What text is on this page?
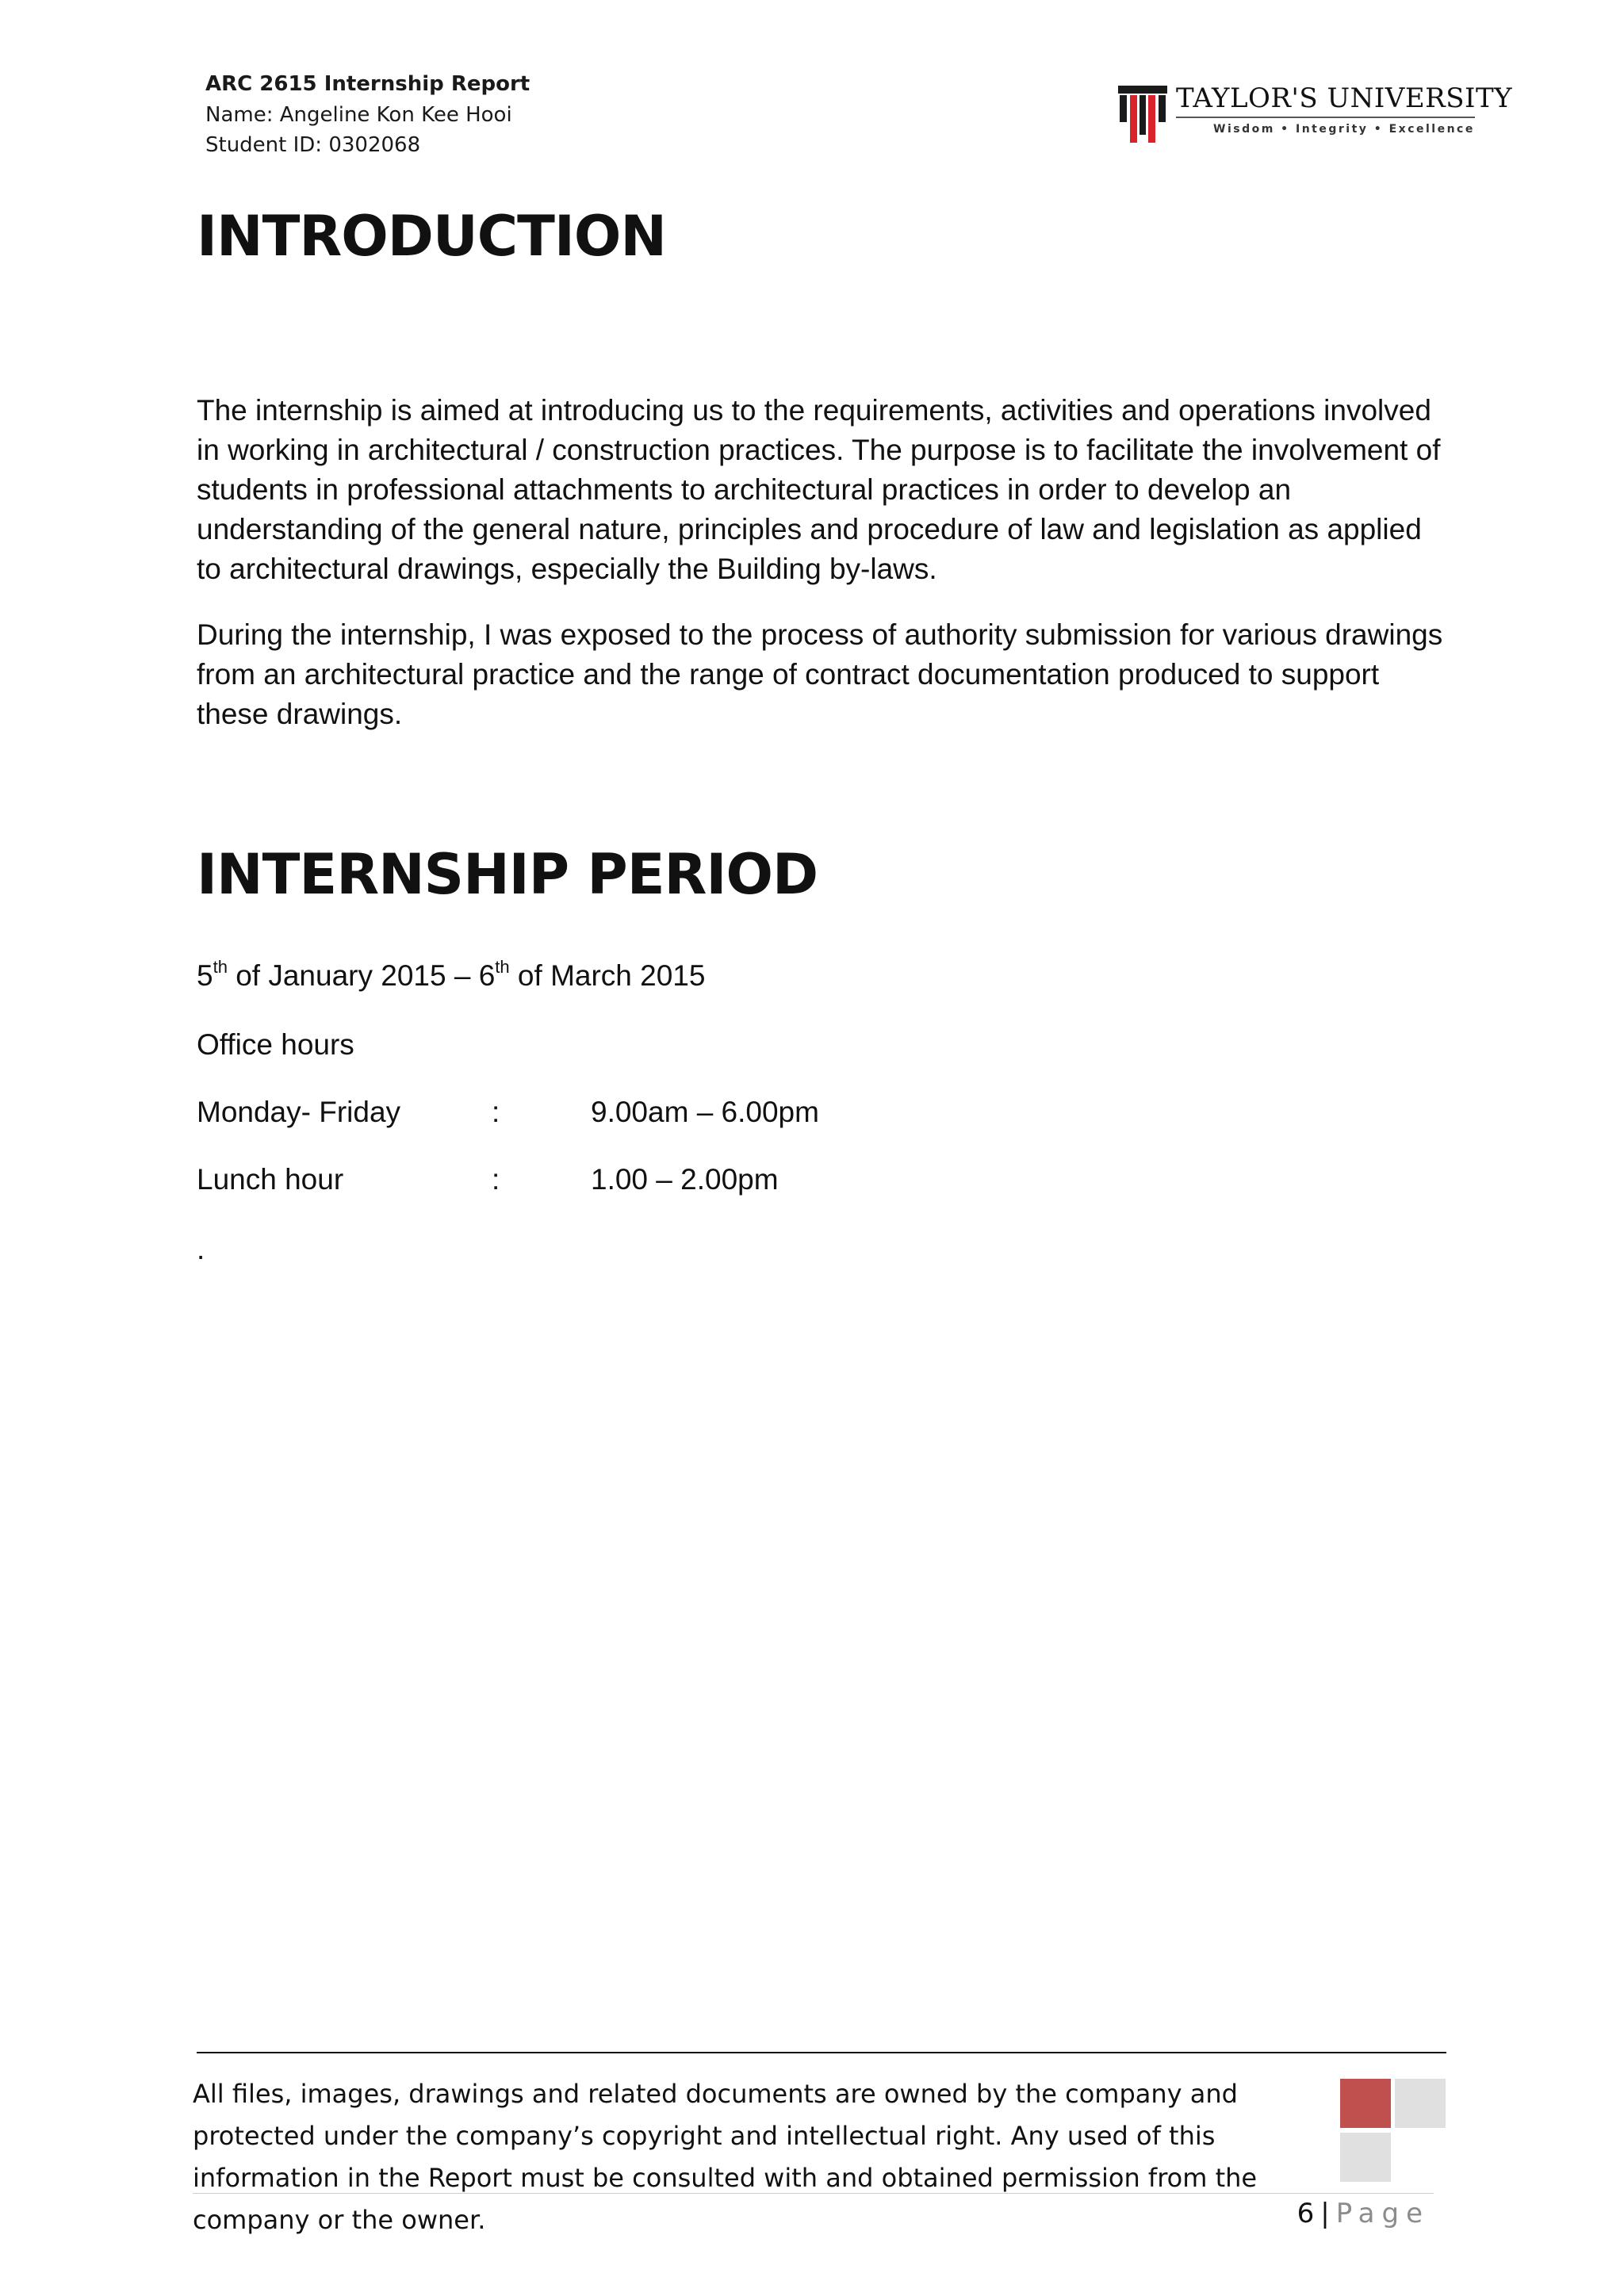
ARC 2615 Internship Report
Name: Angeline Kon Kee Hooi
Student ID: 0302068
TAYLOR'S UNIVERSITY
Wisdom • Integrity • Excellence
INTRODUCTION

The internship is aimed at introducing us to the requirements, activities and operations involved in working in architectural / construction practices. The purpose is to facilitate the involvement of students in professional attachments to architectural practices in order to develop an understanding of the general nature, principles and procedure of law and legislation as applied to architectural drawings, especially the Building by-laws.

During the internship, I was exposed to the process of authority submission for various drawings from an architectural practice and the range of contract documentation produced to support these drawings.

INTERNSHIP PERIOD
5th of January 2015 – 6th of March 2015
Office hours
Monday- Friday	:	9.00am – 6.00pm
Lunch hour	:	1.00 – 2.00pm
.

All files, images, drawings and related documents are owned by the company and protected under the company’s copyright and intellectual right. Any used of this information in the Report must be consulted with and obtained permission from the company or the owner.	6 | Page
